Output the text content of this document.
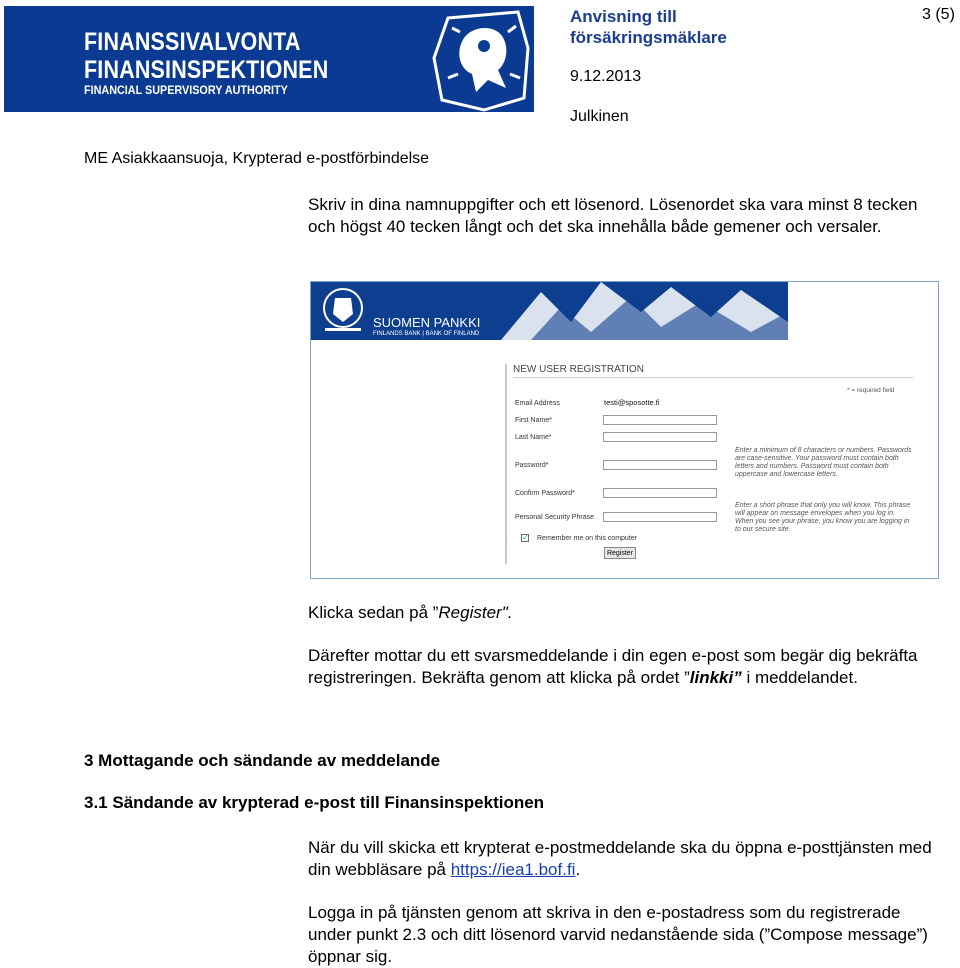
FINANSSIVALVONTA
FINANSINSPEKTIONEN
FINANCIAL SUPERVISORY AUTHORITY
Anvisning till
försäkringsmäklare
3 (5)
9.12.2013
Julkinen
ME Asiakkaansuoja, Krypterad e-postförbindelse
Skriv in dina namnuppgifter och ett lösenord. Lösenordet ska vara minst 8 tecken och högst 40 tecken långt och det ska innehålla både gemener och versaler.
SUOMEN PANKKI
FINLANDS BANK | BANK OF FINLAND
NEW USER REGISTRATION
* = required field
Email Address	testi@sposotte.fi
First Name*
Last Name*
Password*
Enter a minimum of 8 characters or numbers. Passwords are case-sensitive. Your password must contain both letters and numbers. Password must contain both uppercase and lowercase letters.
Confirm Password*
Personal Security Phrase
Enter a short phrase that only you will know. This phrase will appear on message envelopes when you log in. When you see your phrase, you know you are logging in to our secure site.
✓ Remember me on this computer
Register
Klicka sedan på ”Register".
Därefter mottar du ett svarsmeddelande i din egen e-post som begär dig bekräfta registreringen. Bekräfta genom att klicka på ordet ”linkki” i meddelandet.
3 Mottagande och sändande av meddelande
3.1 Sändande av krypterad e-post till Finansinspektionen
När du vill skicka ett krypterat e-postmeddelande ska du öppna e-posttjänsten med din webbläsare på https://iea1.bof.fi.
Logga in på tjänsten genom att skriva in den e-postadress som du registrerade under punkt 2.3 och ditt lösenord varvid nedanstående sida (”Compose message”) öppnar sig.
